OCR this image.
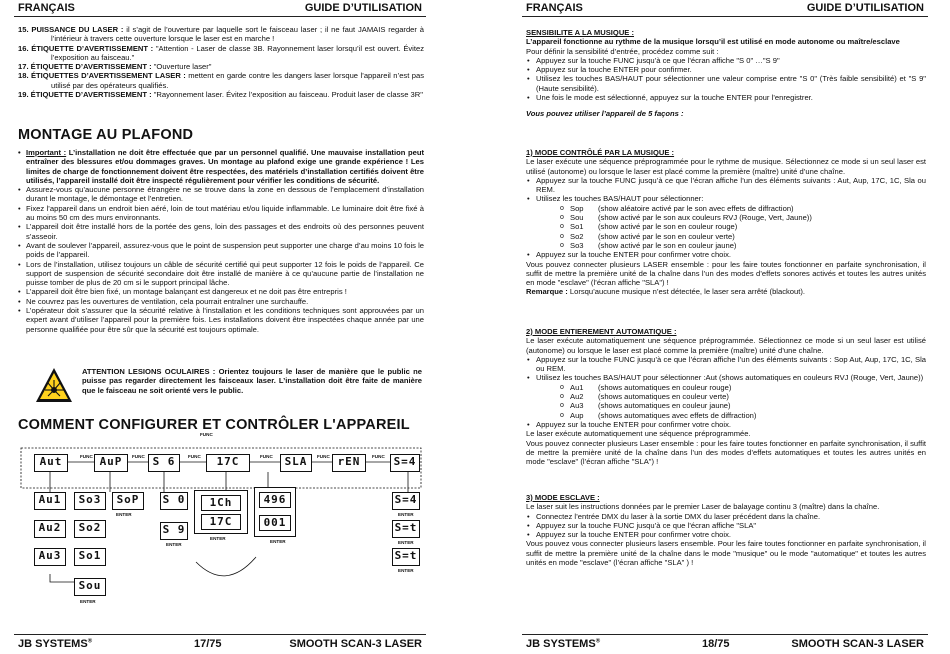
FRANÇAIS	GUIDE D’UTILISATION
15. PUISSANCE DU LASER : il s’agit de l’ouverture par laquelle sort le faisceau laser ; il ne faut JAMAIS regarder à l’intérieur à travers cette ouverture lorsque le laser est en marche !
16. ÉTIQUETTE D’AVERTISSEMENT : "Attention - Laser de classe 3B. Rayonnement laser lorsqu’il est ouvert. Évitez l’exposition au faisceau."
17. ÉTIQUETTE D’AVERTISSEMENT : "Ouverture laser"
18. ÉTIQUETTES D’AVERTISSEMENT LASER : mettent en garde contre les dangers laser lorsque l’appareil n’est pas utilisé par des opérateurs qualifiés.
19. ÉTIQUETTE D’AVERTISSEMENT : "Rayonnement laser. Évitez l’exposition au faisceau. Produit laser de classe 3R"
MONTAGE AU PLAFOND
• Important : L’installation ne doit être effectuée que par un personnel qualifié. Une mauvaise installation peut entraîner des blessures et/ou dommages graves. Un montage au plafond exige une grande expérience ! Les limites de charge de fonctionnement doivent être respectées, des matériels d’installation certifiés doivent être utilisés, l’appareil installé doit être inspecté régulièrement pour vérifier les conditions de sécurité.
• Assurez-vous qu’aucune personne étrangère ne se trouve dans la zone en dessous de l’emplacement d’installation durant le montage, le démontage et l’entretien.
• Fixez l’appareil dans un endroit bien aéré, loin de tout matériau et/ou liquide inflammable. Le luminaire doit être fixé à au moins 50 cm des murs environnants.
• L’appareil doit être installé hors de la portée des gens, loin des passages et des endroits où des personnes peuvent s’asseoir.
• Avant de soulever l’appareil, assurez-vous que le point de suspension peut supporter une charge d’au moins 10 fois le poids de l’appareil.
• Lors de l’installation, utilisez toujours un câble de sécurité certifié qui peut supporter 12 fois le poids de l’appareil. Ce support de suspension de sécurité secondaire doit être installé de manière à ce qu’aucune partie de l’installation ne puisse tomber de plus de 20 cm si le support principal lâche.
• L’appareil doit être bien fixé, un montage balançant est dangereux et ne doit pas être entrepris !
• Ne couvrez pas les ouvertures de ventilation, cela pourrait entraîner une surchauffe.
• L’opérateur doit s’assurer que la sécurité relative à l’installation et les conditions techniques sont approuvées par un expert avant d’utiliser l’appareil pour la première fois. Les installations doivent être inspectées chaque année par une personne qualifiée pour être sûr que la sécurité est toujours optimale.
ATTENTION LESIONS OCULAIRES : Orientez toujours le laser de manière que le public ne puisse pas regarder directement les faisceaux laser. L’installation doit être faite de manière que le faisceau ne soit orienté vers le public.
COMMENT CONFIGURER ET CONTRÔLER L'APPAREIL
FUNC
FUNC	FUNC	FUNC	FUNC	FUNC	FUNC
Aut	AuP	S 6	17C	SLA	rEN	S=4
Au1
Au2
Au3
So3
So2
So1
Sou
ENTER
SoP
ENTER
S 0
S 9
ENTER
1Ch
17C
ENTER
496
001
ENTER
S=4
S=t
S=t
ENTER
ENTER
ENTER
JB SYSTEMS®	17/75	SMOOTH SCAN-3 LASER
FRANÇAIS	GUIDE D’UTILISATION
SENSIBILITE A LA MUSIQUE :
L’appareil fonctionne au rythme de la musique lorsqu’il est utilisé en mode autonome ou maître/esclave
Pour définir la sensibilité d’entrée, procédez comme suit :
• Appuyez sur la touche FUNC jusqu’à ce que l’écran affiche "S 0" …"S 9"
• Appuyez sur la touche ENTER pour confirmer.
• Utilisez les touches BAS/HAUT pour sélectionner une valeur comprise entre "S 0" (Très faible sensibilité) et "S 9" (Haute sensibilité).
• Une fois le mode est sélectionné, appuyez sur la touche ENTER pour l’enregistrer.
Vous pouvez utiliser l’appareil de 5 façons :
1) MODE CONTRÔLÉ PAR LA MUSIQUE :
Le laser exécute une séquence préprogrammée pour le rythme de musique. Sélectionnez ce mode si un seul laser est utilisé (autonome) ou lorsque le laser est placé comme la première (maître) unité d’une chaîne.
• Appuyez sur la touche FUNC jusqu’à ce que l’écran affiche l’un des éléments suivants : Aut, Aup, 17C, 1C, Sla ou REM.
• Utilisez les touches BAS/HAUT pour sélectionner:
o Sop (show aléatoire activé par le son avec effets de diffraction)
o Sou (show activé par le son aux couleurs RVJ (Rouge, Vert, Jaune))
o So1 (show activé par le son en couleur rouge)
o So2 (show activé par le son en couleur verte)
o So3 (show activé par le son en couleur jaune)
• Appuyez sur la touche ENTER pour confirmer votre choix.
Vous pouvez connecter plusieurs LASER ensemble : pour les faire toutes fonctionner en parfaite synchronisation, il suffit de mettre la première unité de la chaîne dans l’un des modes d’effets sonores activés et toutes les autres unités en mode "esclave" (l’écran affiche "SLA") !
Remarque : Lorsqu’aucune musique n’est détectée, le laser sera arrêté (blackout).
2) MODE ENTIEREMENT AUTOMATIQUE :
Le laser exécute automatiquement une séquence préprogrammée. Sélectionnez ce mode si un seul laser est utilisé (autonome) ou lorsque le laser est placé comme la première (maître) unité d’une chaîne.
• Appuyez sur la touche FUNC jusqu’à ce que l’écran affiche l’un des éléments suivants : Sop Aut, Aup, 17C, 1C, Sla ou REM.
• Utilisez les touches BAS/HAUT pour sélectionner :Aut (shows automatiques en couleurs RVJ (Rouge, Vert, Jaune))
o Au1 (shows automatiques en couleur rouge)
o Au2 (shows automatiques en couleur verte)
o Au3 (shows automatiques en couleur jaune)
o Aup (shows automatiques avec effets de diffraction)
• Appuyez sur la touche ENTER pour confirmer votre choix.
Le laser exécute automatiquement une séquence préprogrammée.
Vous pouvez connecter plusieurs Laser ensemble : pour les faire toutes fonctionner en parfaite synchronisation, il suffit de mettre la première unité de la chaîne dans l’un des modes d’effets automatiques et toutes les autres unités en mode "esclave" (l’écran affiche "SLA") !
3) MODE ESCLAVE :
Le laser suit les instructions données par le premier Laser de balayage continu 3 (maître) dans la chaîne.
• Connectez l’entrée DMX du laser à la sortie DMX du laser précédent dans la chaîne.
• Appuyez sur la touche FUNC jusqu’à ce que l’écran affiche "SLA"
• Appuyez sur la touche ENTER pour confirmer votre choix.
Vous pouvez vous connecter plusieurs lasers ensemble. Pour les faire toutes fonctionner en parfaite synchronisation, il suffit de mettre la première unité de la chaîne dans le mode "musique" ou le mode "automatique" et toutes les autres unités en mode "esclave" (l’écran affiche "SLA" ) !
JB SYSTEMS®	18/75	SMOOTH SCAN-3 LASER
